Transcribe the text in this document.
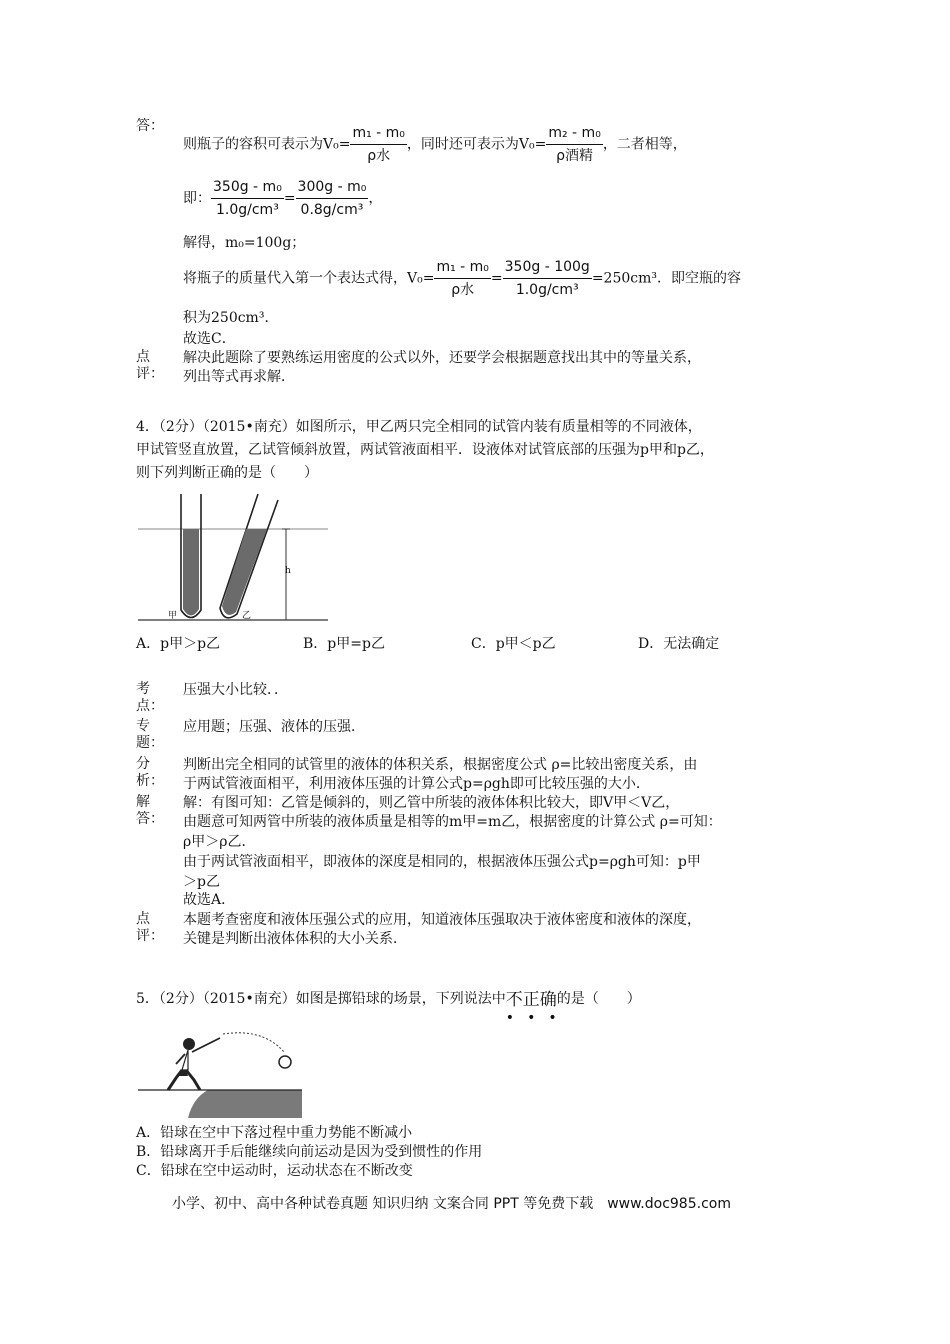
答：
则瓶子的容积可表示为$V_0= \frac{\text{m₁ - m₀}}{\text{ρ水}}$ ，同时还可表示为$V_0= \frac{\text{m₂ - m₀}}{\text{ρ酒精}}$ ，二者相等，
即： $\frac{\text{350g - m₀}}{\text{1.0g/cm³}} = \frac{\text{300g - m₀}}{\text{0.8g/cm³}}$ ，
解得，m₀=100g；
将瓶子的质量代入第一个表达式得，$V_0= \frac{\text{m₁ - m₀}}{\text{ρ水}} = \frac{350g - 100g}{\text{1.0g/cm³}} =250cm^3$．即空瓶的容
积为250cm³．
故选C．
点评：
解决此题除了要熟练运用密度的公式以外，还要学会根据题意找出其中的等量关系，
列出等式再求解．
4．（2分）（2015•南充）如图所示，甲乙两只完全相同的试管内装有质量相等的不同液体，
甲试管竖直放置，乙试管倾斜放置，两试管液面相平．设液体对试管底部的压强为p甲和p乙，
则下列判断正确的是（　　）
甲	乙
h
A．p甲＞p乙	B．p甲=p乙	C．p甲＜p乙	D．无法确定
考点：
压强大小比较．．
专题：
应用题；压强、液体的压强．
分析：
判断出完全相同的试管里的液体的体积关系，根据密度公式 ρ=比较出密度关系，由
于两试管液面相平，利用液体压强的计算公式p=ρgh即可比较压强的大小．
解答：
解：有图可知：乙管是倾斜的，则乙管中所装的液体体积比较大，即V甲＜V乙，
由题意可知两管中所装的液体质量是相等的m甲=m乙，根据密度的计算公式 ρ=可知：
ρ甲＞ρ乙．
由于两试管液面相平，即液体的深度是相同的，根据液体压强公式p=ρgh可知：p甲
＞p乙
故选A．
点评：
本题考查密度和液体压强公式的应用，知道液体压强取决于液体密度和液体的深度，
关键是判断出液体体积的大小关系．
5．（2分）（2015•南充）如图是掷铅球的场景，下列说法中不正确
• • •
的是（　　）
A．铅球在空中下落过程中重力势能不断减小
B．铅球离开手后能继续向前运动是因为受到惯性的作用
C．铅球在空中运动时，运动状态在不断改变
小学、初中、高中各种试卷真题 知识归纳 文案合同 PPT 等免费下载　www.doc985.com
